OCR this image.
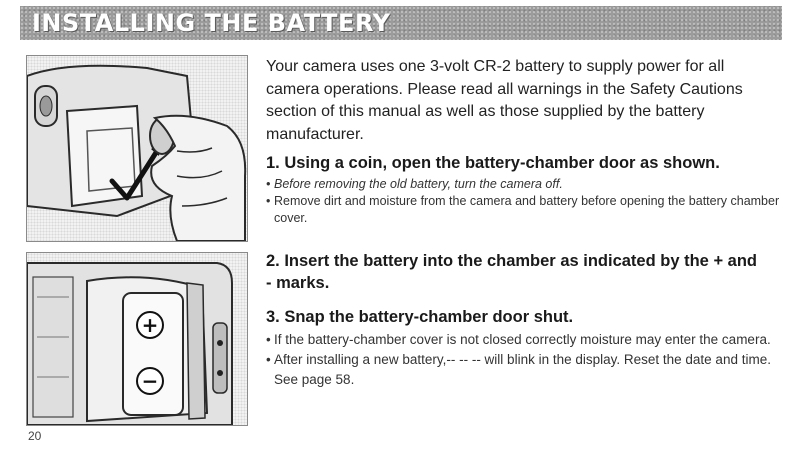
INSTALLING THE BATTERY
+
−

Your camera uses one 3-volt CR-2 battery to supply power for all camera operations. Please read all warnings in the Safety Cautions section of this manual as well as those supplied by the battery manufacturer.

1. Using a coin, open the battery-chamber door as shown.
• Before removing the old battery, turn the camera off.
• Remove dirt and moisture from the camera and battery before opening the battery chamber cover.
2. Insert the battery into the chamber as indicated by the + and - marks.
3. Snap the battery-chamber door shut.
• If the battery-chamber cover is not closed correctly moisture may enter the camera.
• After installing a new battery,-- -- -- will blink in the display. Reset the date and time. See page 58.
20
